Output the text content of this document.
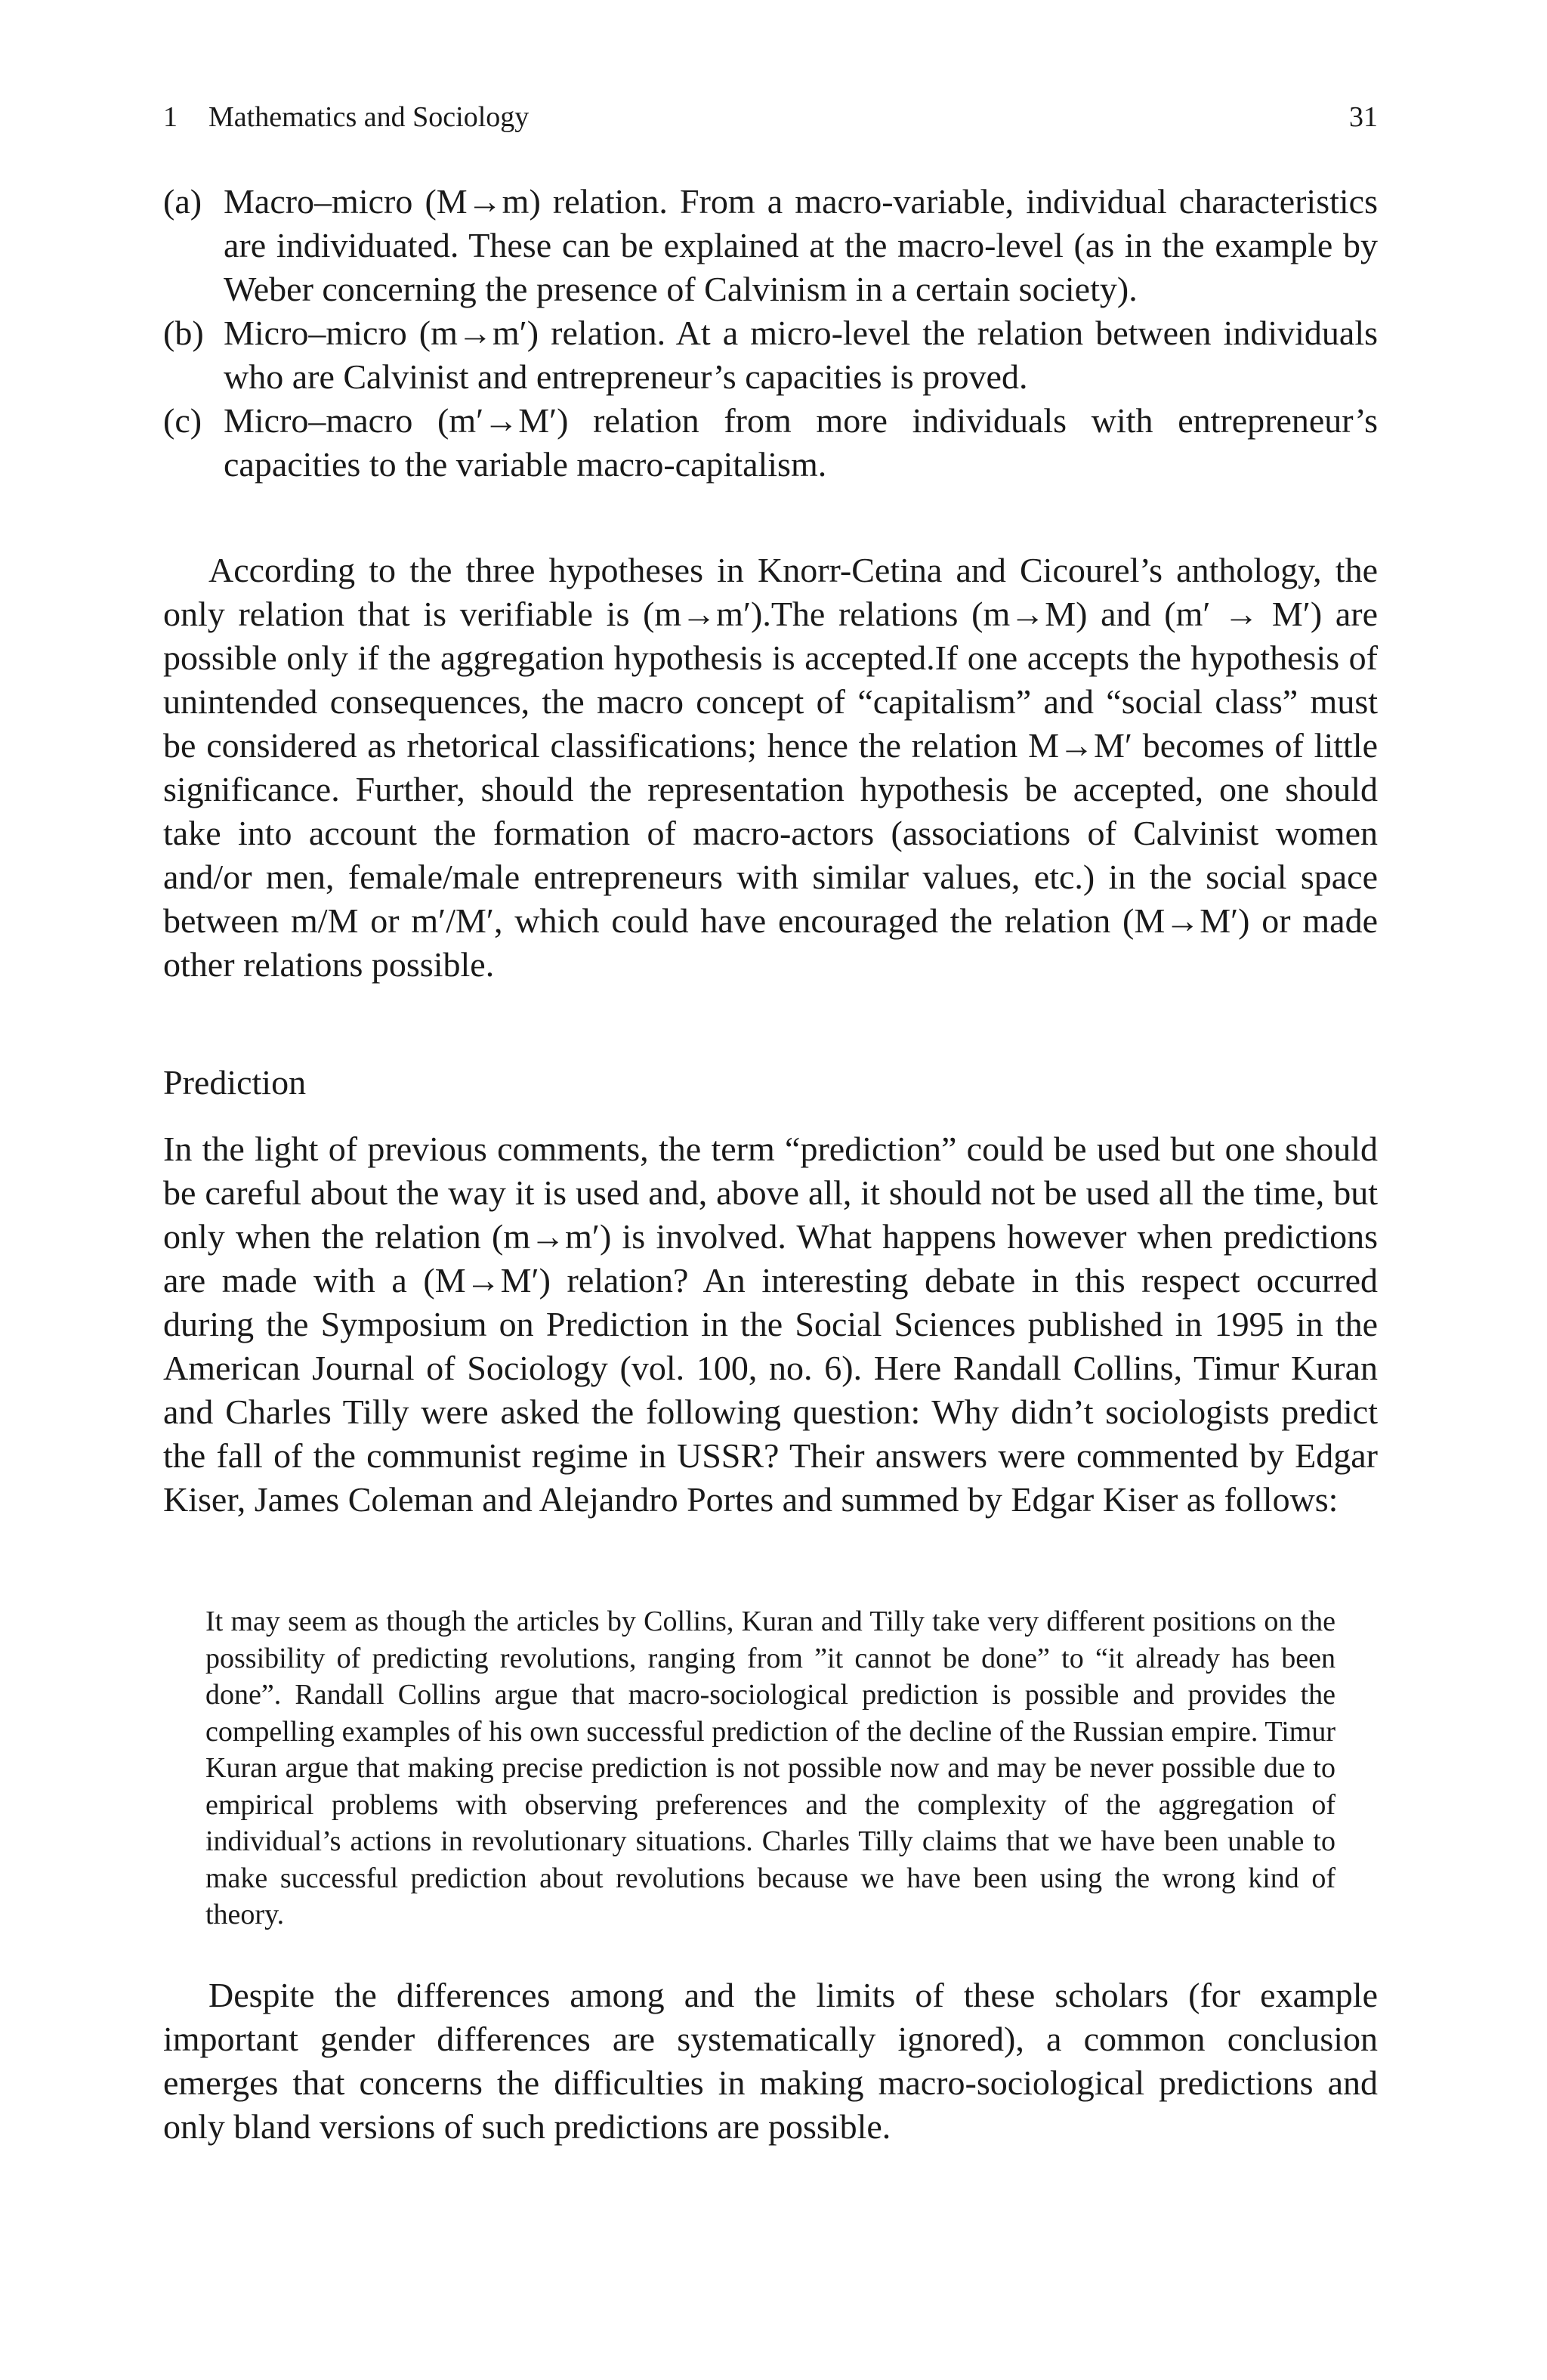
1 Mathematics and Sociology	31
(a) Macro–micro (M→m) relation. From a macro-variable, individual characteristics are individuated. These can be explained at the macro-level (as in the example by Weber concerning the presence of Calvinism in a certain society).
(b) Micro–micro (m→m′) relation. At a micro-level the relation between individuals who are Calvinist and entrepreneur’s capacities is proved.
(c) Micro–macro (m′→M′) relation from more individuals with entrepreneur’s capacities to the variable macro-capitalism.

According to the three hypotheses in Knorr-Cetina and Cicourel’s anthology, the only relation that is verifiable is (m→m′).The relations (m→M) and (m′ → M′) are possible only if the aggregation hypothesis is accepted.If one accepts the hypothesis of unintended consequences, the macro concept of “capitalism” and “social class” must be considered as rhetorical classifications; hence the relation M→M′ becomes of little significance. Further, should the representation hypothesis be accepted, one should take into account the formation of macro-actors (associations of Calvinist women and/or men, female/male entrepreneurs with similar values, etc.) in the social space between m/M or m′/M′, which could have encouraged the relation (M→M′) or made other relations possible.

Prediction

In the light of previous comments, the term “prediction” could be used but one should be careful about the way it is used and, above all, it should not be used all the time, but only when the relation (m→m′) is involved. What happens however when predictions are made with a (M→M′) relation? An interesting debate in this respect occurred during the Symposium on Prediction in the Social Sciences published in 1995 in the American Journal of Sociology (vol. 100, no. 6). Here Randall Collins, Timur Kuran and Charles Tilly were asked the following question: Why didn’t sociologists predict the fall of the communist regime in USSR? Their answers were commented by Edgar Kiser, James Coleman and Alejandro Portes and summed by Edgar Kiser as follows:

It may seem as though the articles by Collins, Kuran and Tilly take very different positions on the possibility of predicting revolutions, ranging from ”it cannot be done” to “it already has been done”. Randall Collins argue that macro-sociological prediction is possible and provides the compelling examples of his own successful prediction of the decline of the Russian empire. Timur Kuran argue that making precise prediction is not possible now and may be never possible due to empirical problems with observing preferences and the complexity of the aggregation of individual’s actions in revolutionary situations. Charles Tilly claims that we have been unable to make successful prediction about revolutions because we have been using the wrong kind of theory.

Despite the differences among and the limits of these scholars (for example important gender differences are systematically ignored), a common conclusion emerges that concerns the difficulties in making macro-sociological predictions and only bland versions of such predictions are possible.
